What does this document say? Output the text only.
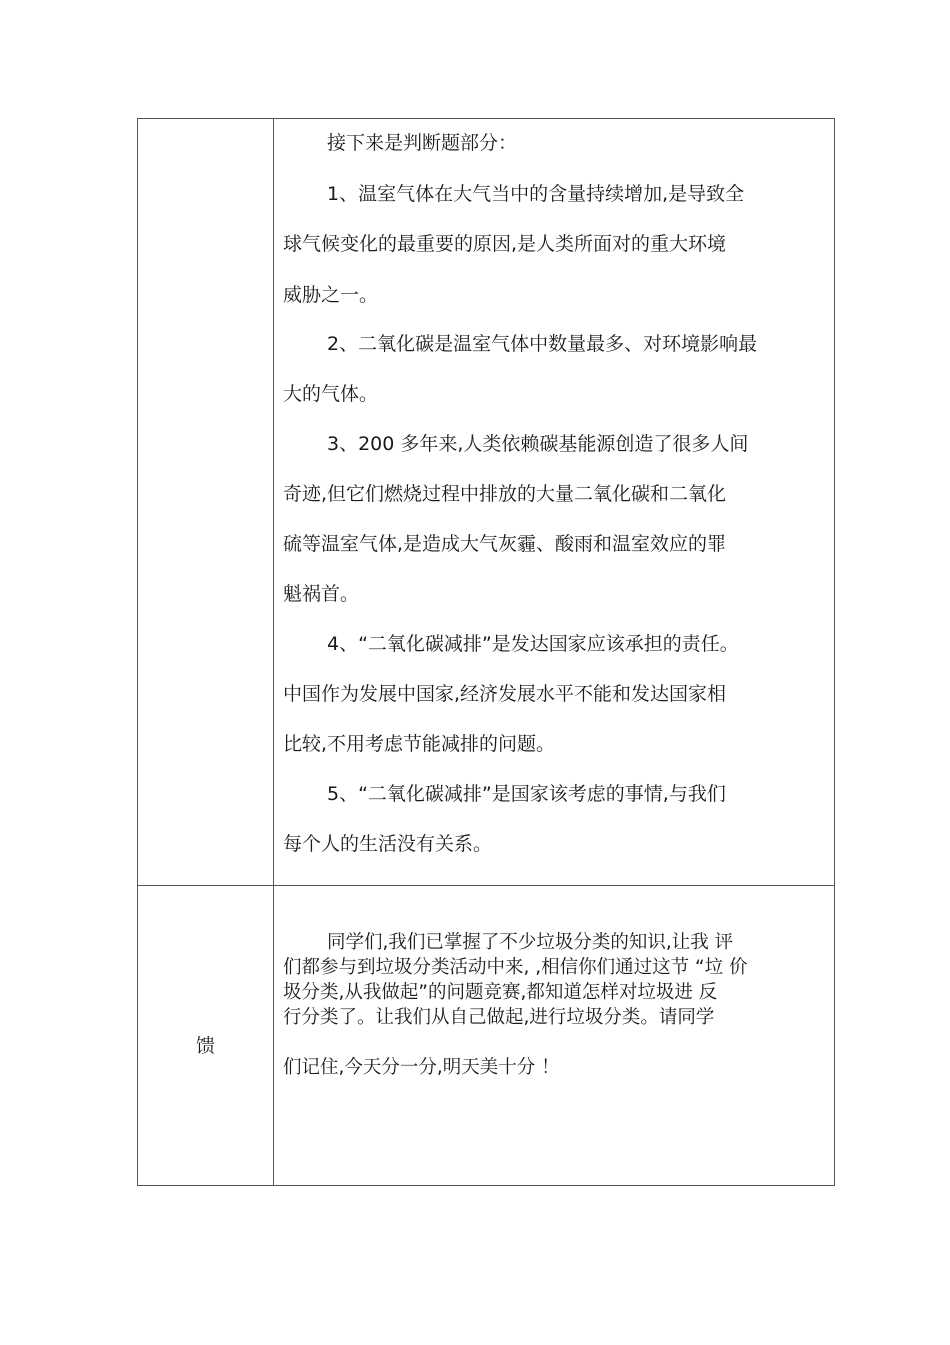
接下来是判断题部分：
1、温室气体在大气当中的含量持续增加,是导致全
球气候变化的最重要的原因,是人类所面对的重大环境
威胁之一。
2、二氧化碳是温室气体中数量最多、对环境影响最
大的气体。
3、200 多年来,人类依赖碳基能源创造了很多人间
奇迹,但它们燃烧过程中排放的大量二氧化碳和二氧化
硫等温室气体,是造成大气灰霾、酸雨和温室效应的罪
魁祸首。
4、“二氧化碳减排”是发达国家应该承担的责任。
中国作为发展中国家,经济发展水平不能和发达国家相
比较,不用考虑节能减排的问题。
5、“二氧化碳减排”是国家该考虑的事情,与我们
每个人的生活没有关系。
馈
同学们,我们已掌握了不少垃圾分类的知识,让我 评
们都参与到垃圾分类活动中来, ,相信你们通过这节 “垃 价
圾分类,从我做起”的问题竞赛,都知道怎样对垃圾进 反
行分类了。让我们从自己做起,进行垃圾分类。请同学
们记住,今天分一分,明天美十分 ！
